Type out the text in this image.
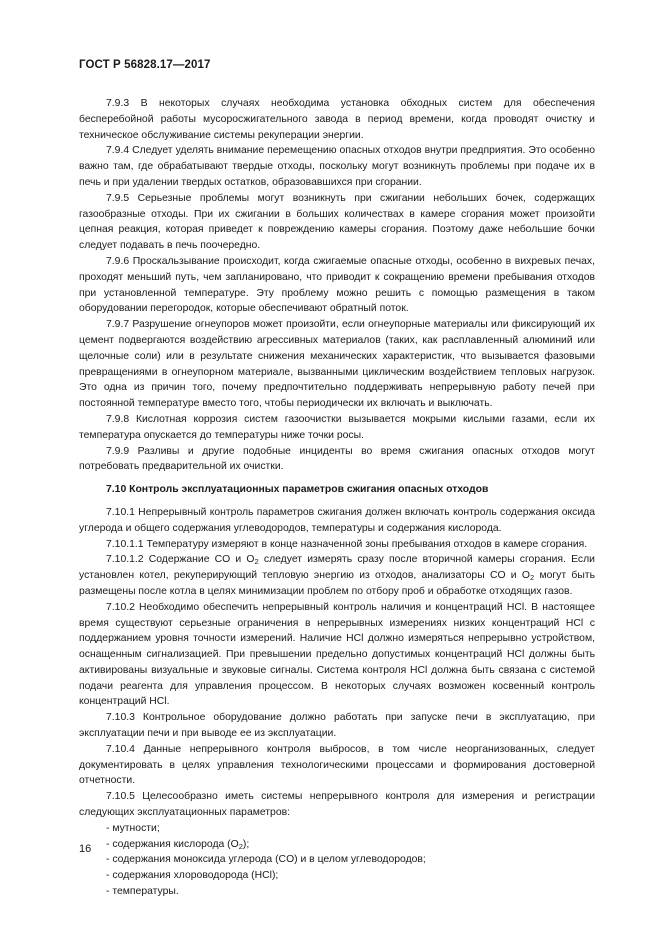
ГОСТ Р 56828.17—2017

7.9.3 В некоторых случаях необходима установка обходных систем для обеспечения бесперебойной работы мусоросжигательного завода в период времени, когда проводят очистку и техническое обслуживание системы рекуперации энергии.

7.9.4 Следует уделять внимание перемещению опасных отходов внутри предприятия. Это особенно важно там, где обрабатывают твердые отходы, поскольку могут возникнуть проблемы при подаче их в печь и при удалении твердых остатков, образовавшихся при сгорании.

7.9.5 Серьезные проблемы могут возникнуть при сжигании небольших бочек, содержащих газообразные отходы. При их сжигании в больших количествах в камере сгорания может произойти цепная реакция, которая приведет к повреждению камеры сгорания. Поэтому даже небольшие бочки следует подавать в печь поочередно.

7.9.6 Проскальзывание происходит, когда сжигаемые опасные отходы, особенно в вихревых печах, проходят меньший путь, чем запланировано, что приводит к сокращению времени пребывания отходов при установленной температуре. Эту проблему можно решить с помощью размещения в таком оборудовании перегородок, которые обеспечивают обратный поток.

7.9.7 Разрушение огнеупоров может произойти, если огнеупорные материалы или фиксирующий их цемент подвергаются воздействию агрессивных материалов (таких, как расплавленный алюминий или щелочные соли) или в результате снижения механических характеристик, что вызывается фазовыми превращениями в огнеупорном материале, вызванными циклическим воздействием тепловых нагрузок. Это одна из причин того, почему предпочтительно поддерживать непрерывную работу печей при постоянной температуре вместо того, чтобы периодически их включать и выключать.

7.9.8 Кислотная коррозия систем газоочистки вызывается мокрыми кислыми газами, если их температура опускается до температуры ниже точки росы.

7.9.9 Разливы и другие подобные инциденты во время сжигания опасных отходов могут потребовать предварительной их очистки.

7.10 Контроль эксплуатационных параметров сжигания опасных отходов

7.10.1 Непрерывный контроль параметров сжигания должен включать контроль содержания оксида углерода и общего содержания углеводородов, температуры и содержания кислорода.

7.10.1.1 Температуру измеряют в конце назначенной зоны пребывания отходов в камере сгорания.

7.10.1.2 Содержание CO и $O_2$ следует измерять сразу после вторичной камеры сгорания. Если установлен котел, рекуперирующий тепловую энергию из отходов, анализаторы CO и $O_2$ могут быть размещены после котла в целях минимизации проблем по отбору проб и обработке отходящих газов.

7.10.2 Необходимо обеспечить непрерывный контроль наличия и концентраций HCl. В настоящее время существуют серьезные ограничения в непрерывных измерениях низких концентраций HCl с поддержанием уровня точности измерений. Наличие HCl должно измеряться непрерывно устройством, оснащенным сигнализацией. При превышении предельно допустимых концентраций HCl должны быть активированы визуальные и звуковые сигналы. Система контроля HCl должна быть связана с системой подачи реагента для управления процессом. В некоторых случаях возможен косвенный контроль концентраций HCl.

7.10.3 Контрольное оборудование должно работать при запуске печи в эксплуатацию, при эксплуатации печи и при выводе ее из эксплуатации.

7.10.4 Данные непрерывного контроля выбросов, в том числе неорганизованных, следует документировать в целях управления технологическими процессами и формирования достоверной отчетности.

7.10.5 Целесообразно иметь системы непрерывного контроля для измерения и регистрации следующих эксплуатационных параметров:

- мутности;
- содержания кислорода $(O_2)$;
- содержания моноксида углерода (CO) и в целом углеводородов;
- содержания хлороводорода (HCl);
- температуры.
16
